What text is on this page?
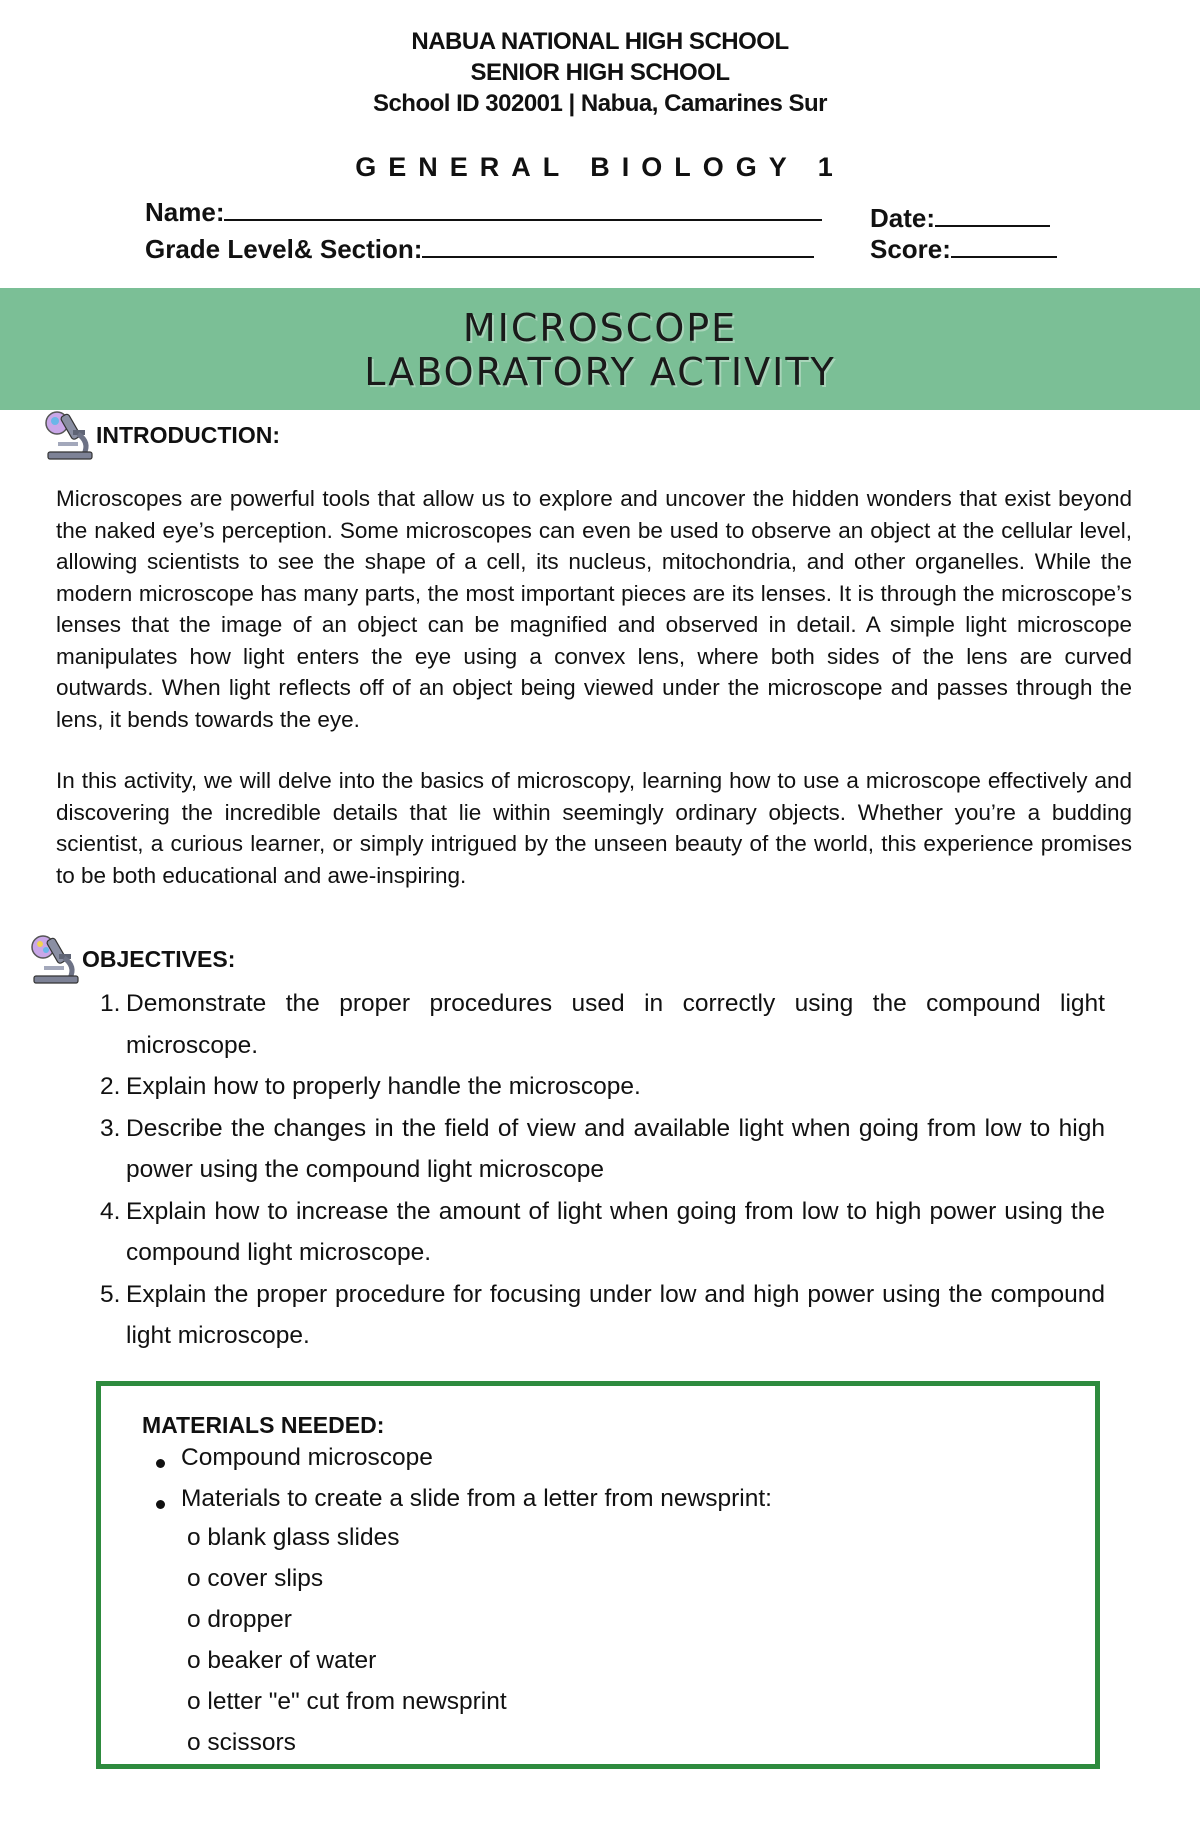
NABUA NATIONAL HIGH SCHOOL
SENIOR HIGH SCHOOL
School ID 302001 | Nabua, Camarines Sur
GENERAL BIOLOGY 1
Name:	Date:
Grade Level& Section:	Score:
MICROSCOPE
LABORATORY ACTIVITY
INTRODUCTION:
Microscopes are powerful tools that allow us to explore and uncover the hidden wonders that exist beyond the naked eye’s perception. Some microscopes can even be used to observe an object at the cellular level, allowing scientists to see the shape of a cell, its nucleus, mitochondria, and other organelles. While the modern microscope has many parts, the most important pieces are its lenses. It is through the microscope’s lenses that the image of an object can be magnified and observed in detail. A simple light microscope manipulates how light enters the eye using a convex lens, where both sides of the lens are curved outwards. When light reflects off of an object being viewed under the microscope and passes through the lens, it bends towards the eye.
In this activity, we will delve into the basics of microscopy, learning how to use a microscope effectively and discovering the incredible details that lie within seemingly ordinary objects. Whether you’re a budding scientist, a curious learner, or simply intrigued by the unseen beauty of the world, this experience promises to be both educational and awe-inspiring.
OBJECTIVES:
1. Demonstrate the proper procedures used in correctly using the compound light microscope.
2. Explain how to properly handle the microscope.
3. Describe the changes in the field of view and available light when going from low to high power using the compound light microscope
4. Explain how to increase the amount of light when going from low to high power using the compound light microscope.
5. Explain the proper procedure for focusing under low and high power using the compound light microscope.
MATERIALS NEEDED:
Compound microscope
Materials to create a slide from a letter from newsprint:
o blank glass slides
o cover slips
o dropper
o beaker of water
o letter "e" cut from newsprint
o scissors
